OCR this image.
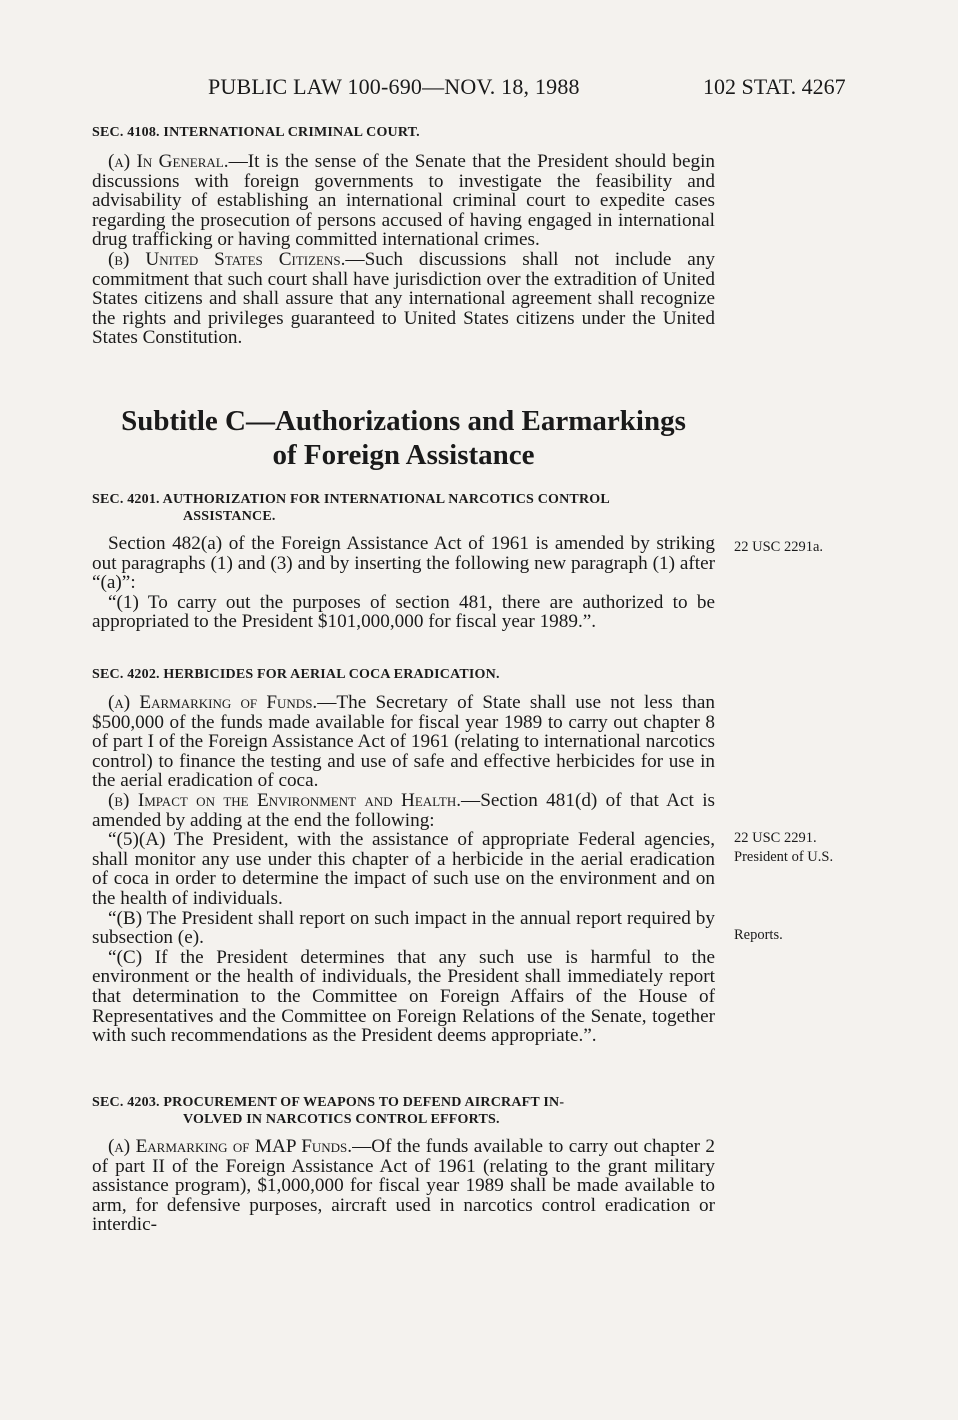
PUBLIC LAW 100-690—NOV. 18, 1988	102 STAT. 4267
SEC. 4108. INTERNATIONAL CRIMINAL COURT.

(a) In General.—It is the sense of the Senate that the President should begin discussions with foreign governments to investigate the feasibility and advisability of establishing an international criminal court to expedite cases regarding the prosecution of persons accused of having engaged in international drug trafficking or having committed international crimes.

(b) United States Citizens.—Such discussions shall not include any commitment that such court shall have jurisdiction over the extradition of United States citizens and shall assure that any international agreement shall recognize the rights and privileges guaranteed to United States citizens under the United States Constitution.

Subtitle C—Authorizations and Earmarkings
of Foreign Assistance
SEC. 4201. AUTHORIZATION FOR INTERNATIONAL NARCOTICS CONTROL
ASSISTANCE.

Section 482(a) of the Foreign Assistance Act of 1961 is amended by striking out paragraphs (1) and (3) and by inserting the following new paragraph (1) after “(a)”:

“(1) To carry out the purposes of section 481, there are authorized to be appropriated to the President $101,000,000 for fiscal year 1989.”.

SEC. 4202. HERBICIDES FOR AERIAL COCA ERADICATION.

(a) Earmarking of Funds.—The Secretary of State shall use not less than $500,000 of the funds made available for fiscal year 1989 to carry out chapter 8 of part I of the Foreign Assistance Act of 1961 (relating to international narcotics control) to finance the testing and use of safe and effective herbicides for use in the aerial eradication of coca.

(b) Impact on the Environment and Health.—Section 481(d) of that Act is amended by adding at the end the following:

“(5)(A) The President, with the assistance of appropriate Federal agencies, shall monitor any use under this chapter of a herbicide in the aerial eradication of coca in order to determine the impact of such use on the environment and on the health of individuals.

“(B) The President shall report on such impact in the annual report required by subsection (e).

“(C) If the President determines that any such use is harmful to the environment or the health of individuals, the President shall immediately report that determination to the Committee on Foreign Affairs of the House of Representatives and the Committee on Foreign Relations of the Senate, together with such recommendations as the President deems appropriate.”.

SEC. 4203. PROCUREMENT OF WEAPONS TO DEFEND AIRCRAFT IN-
VOLVED IN NARCOTICS CONTROL EFFORTS.

(a) Earmarking of MAP Funds.—Of the funds available to carry out chapter 2 of part II of the Foreign Assistance Act of 1961 (relating to the grant military assistance program), $1,000,000 for fiscal year 1989 shall be made available to arm, for defensive purposes, aircraft used in narcotics control eradication or interdic-

22 USC 2291a.
22 USC 2291.
President of U.S.
Reports.
